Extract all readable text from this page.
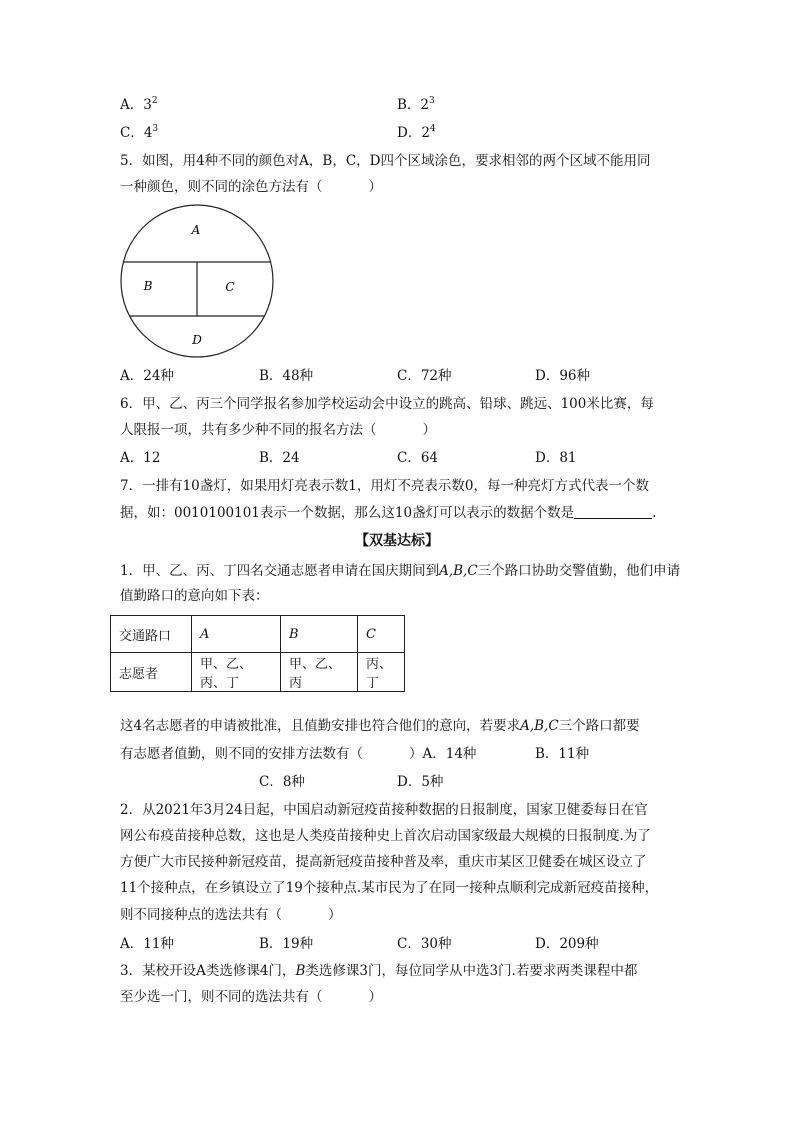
A．$3^2$	B．$2^3$
C．$4^3$	D．$2^4$
5．如图，用4种不同的颜色对A，B，C，D四个区域涂色，要求相邻的两个区域不能用同
一种颜色，则不同的涂色方法有（	）
A
B	C
D
A．24种	B．48种	C．72种	D．96种
6．甲、乙、丙三个同学报名参加学校运动会中设立的跳高、铅球、跳远、100米比赛，每
人限报一项，共有多少种不同的报名方法（	）
A．12	B．24	C．64	D．81
7．一排有10盏灯，如果用灯亮表示数1，用灯不亮表示数0，每一种亮灯方式代表一个数
据，如：0010100101表示一个数据，那么这10盏灯可以表示的数据个数是	.
【双基达标】
1．甲、乙、丙、丁四名交通志愿者申请在国庆期间到A,B,C三个路口协助交警值勤，他们申请
值勤路口的意向如下表：
交通路口	A	B	C
志愿者	甲、乙、丙、丁	甲、乙、丙	丙、丁
这4名志愿者的申请被批准，且值勤安排也符合他们的意向，若要求A,B,C三个路口都要
有志愿者值勤，则不同的安排方法数有（	）A．14种	B．11种
C．8种	D．5种
2．从2021年3月24日起，中国启动新冠疫苗接种数据的日报制度，国家卫健委每日在官
网公布疫苗接种总数，这也是人类疫苗接种史上首次启动国家级最大规模的日报制度.为了
方便广大市民接种新冠疫苗，提高新冠疫苗接种普及率，重庆市某区卫健委在城区设立了
11个接种点，在乡镇设立了19个接种点.某市民为了在同一接种点顺利完成新冠疫苗接种，
则不同接种点的选法共有（	）
A．11种	B．19种	C．30种	D．209种
3．某校开设A类选修课4门，B类选修课3门，每位同学从中选3门.若要求两类课程中都
至少选一门，则不同的选法共有（	）
